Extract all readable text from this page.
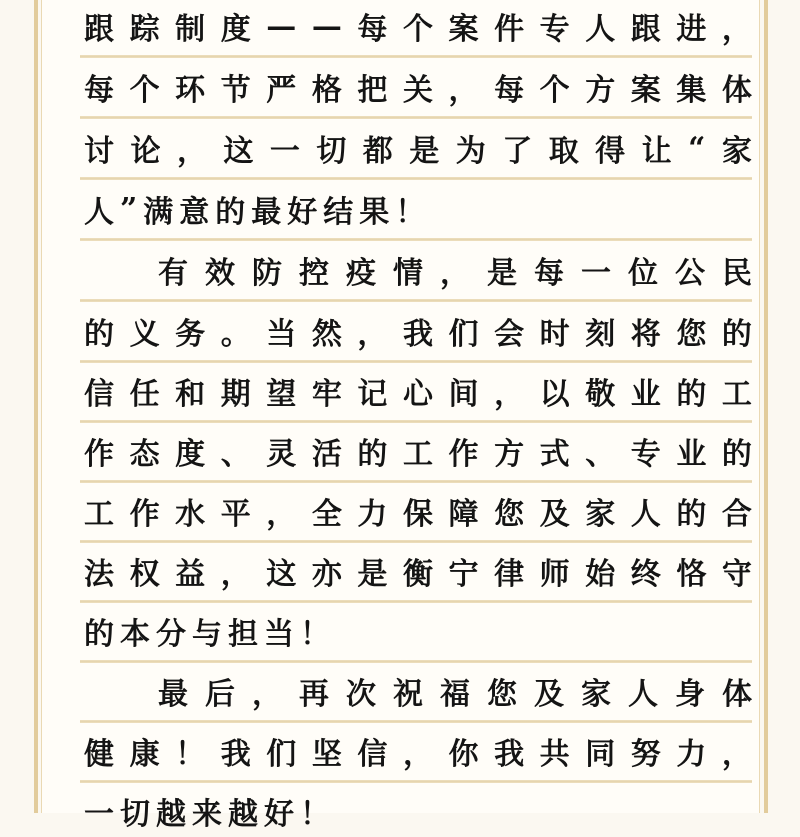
跟 踪 制 度 — — 每 个 案 件 专 人 跟 进 ，
每 个 环 节 严 格 把 关 ， 每 个 方 案 集 体
讨 论 ， 这 一 切 都 是 为 了 取 得 让 “ 家
人 ” 满 意 的 最 好 结 果 ！
有 效 防 控 疫 情 ， 是 每 一 位 公 民
的 义 务 。 当 然 ， 我 们 会 时 刻 将 您 的
信 任 和 期 望 牢 记 心 间 ， 以 敬 业 的 工
作 态 度 、 灵 活 的 工 作 方 式 、 专 业 的
工 作 水 平 ， 全 力 保 障 您 及 家 人 的 合
法 权 益 ， 这 亦 是 衡 宁 律 师 始 终 恪 守
的 本 分 与 担 当 ！
最 后 ， 再 次 祝 福 您 及 家 人 身 体
健 康 ！ 我 们 坚 信 ， 你 我 共 同 努 力 ，
一 切 越 来 越 好 ！
